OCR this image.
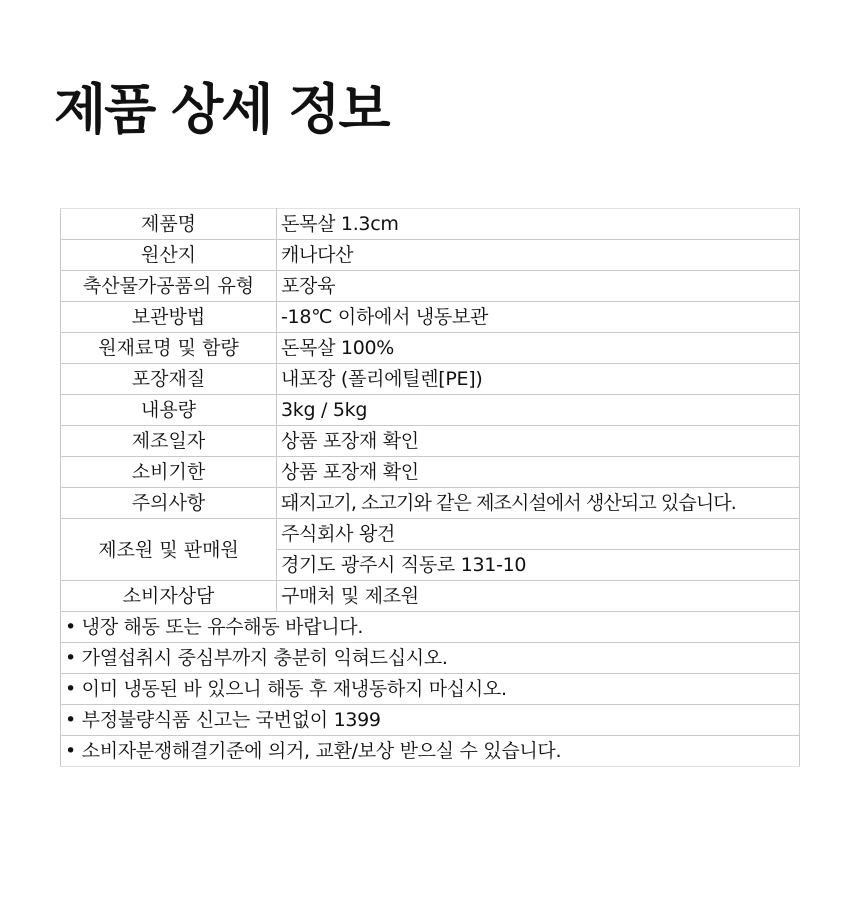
제품 상세 정보
제품명	돈목살 1.3cm
원산지	캐나다산
축산물가공품의 유형	포장육
보관방법	-18℃ 이하에서 냉동보관
원재료명 및 함량	돈목살 100%
포장재질	내포장 (폴리에틸렌[PE])
내용량	3kg / 5kg
제조일자	상품 포장재 확인
소비기한	상품 포장재 확인
주의사항	돼지고기, 소고기와 같은 제조시설에서 생산되고 있습니다.
제조원 및 판매원	주식회사 왕건
	경기도 광주시 직동로 131-10
소비자상담	구매처 및 제조원
• 냉장 해동 또는 유수해동 바랍니다.	
• 가열섭취시 중심부까지 충분히 익혀드십시오.	
• 이미 냉동된 바 있으니 해동 후 재냉동하지 마십시오.	
• 부정불량식품 신고는 국번없이 1399	
• 소비자분쟁해결기준에 의거, 교환/보상 받으실 수 있습니다.	
